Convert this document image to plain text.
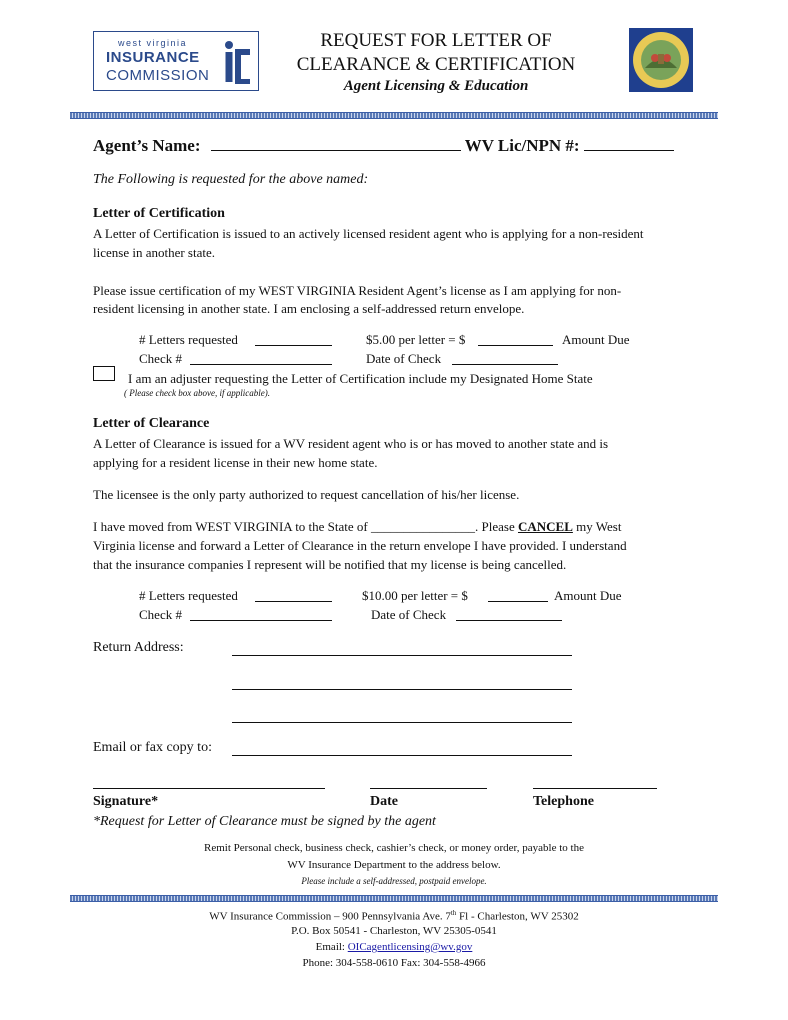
west virginia
INSURANCE
COMMISSION
REQUEST FOR LETTER OF
CLEARANCE & CERTIFICATION
Agent Licensing & Education
Agent’s Name:	WV Lic/NPN #:
The Following is requested for the above named:
Letter of Certification
A Letter of Certification is issued to an actively licensed resident agent who is applying for a non-resident
license in another state.
Please issue certification of my WEST VIRGINIA Resident Agent’s license as I am applying for non-
resident licensing in another state. I am enclosing a self-addressed return envelope.
# Letters requested	$5.00 per letter = $	Amount Due
Check #	Date of Check
I am an adjuster requesting the Letter of Certification include my Designated Home State
( Please check box above, if applicable).
Letter of Clearance
A Letter of Clearance is issued for a WV resident agent who is or has moved to another state and is
applying for a resident license in their new home state.
The licensee is the only party authorized to request cancellation of his/her license.
I have moved from WEST VIRGINIA to the State of ________________. Please CANCEL my West
Virginia license and forward a Letter of Clearance in the return envelope I have provided. I understand
that the insurance companies I represent will be notified that my license is being cancelled.
# Letters requested	$10.00 per letter = $	Amount Due
Check #	Date of Check
Return Address:
Email or fax copy to:
Signature*	Date	Telephone
*Request for Letter of Clearance must be signed by the agent
Remit Personal check, business check, cashier’s check, or money order, payable to the
WV Insurance Department to the address below.
Please include a self-addressed, postpaid envelope.
WV Insurance Commission – 900 Pennsylvania Ave. 7th Fl - Charleston, WV 25302
P.O. Box 50541 - Charleston, WV 25305-0541
Email: OICagentlicensing@wv.gov
Phone: 304-558-0610 Fax: 304-558-4966
